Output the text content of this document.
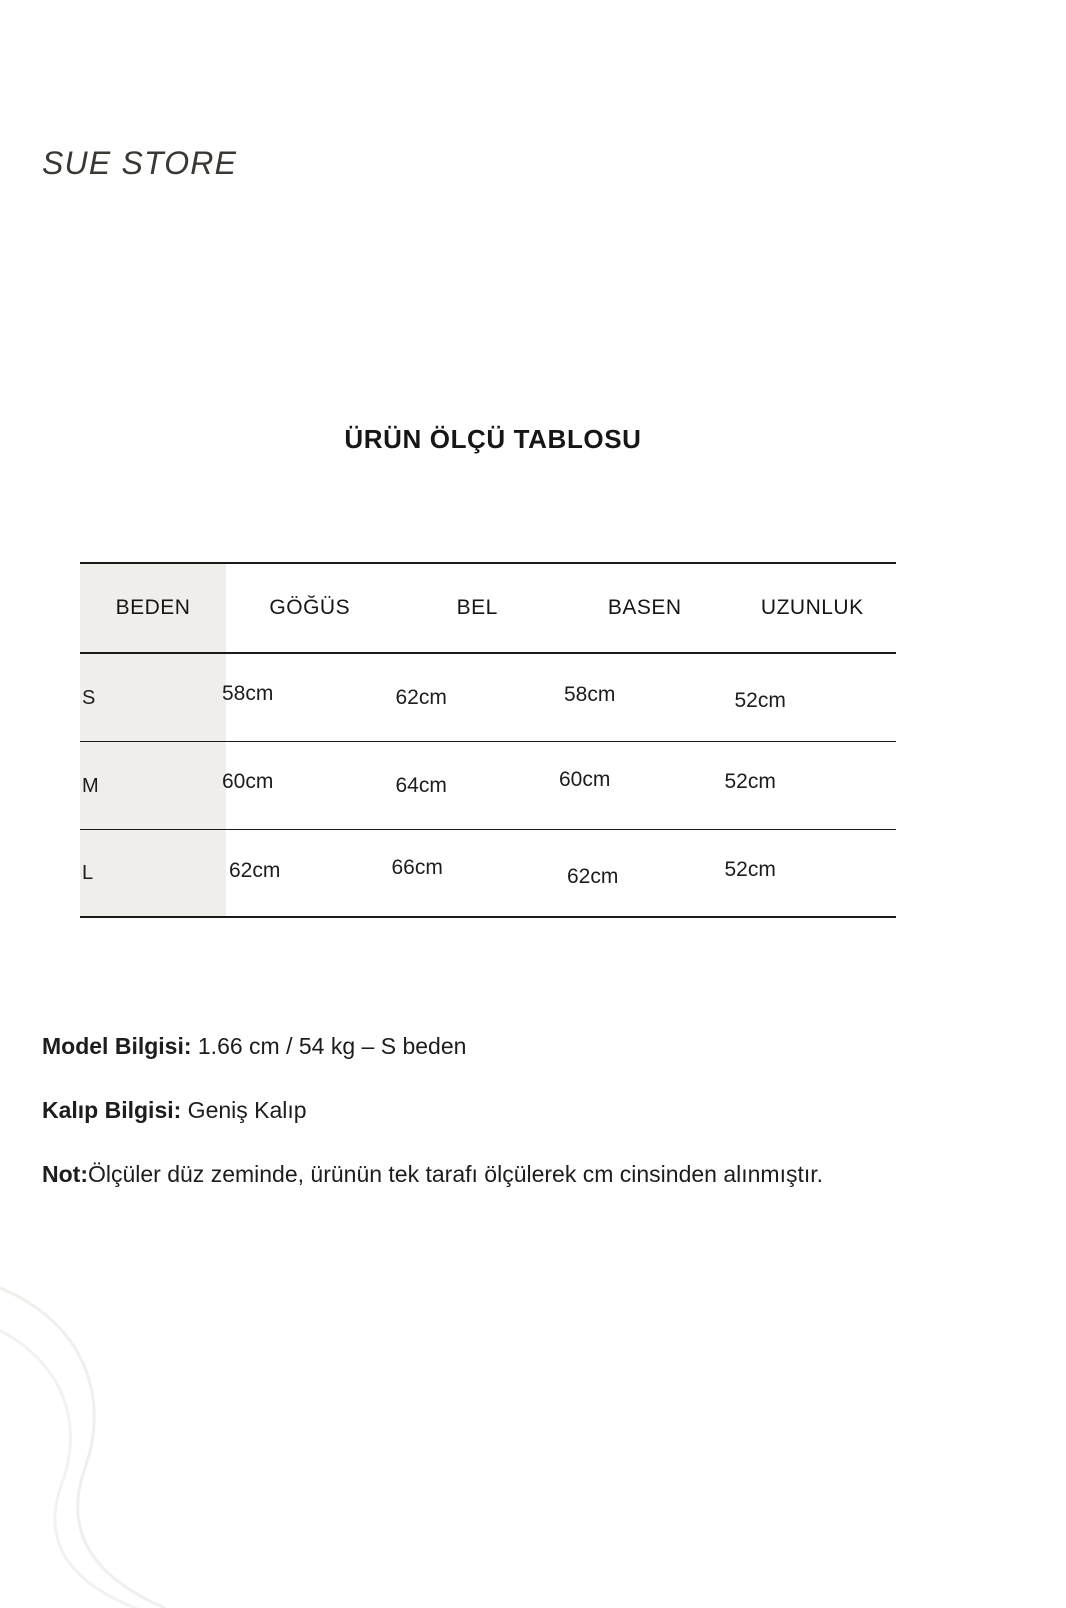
SUE STORE
ÜRÜN ÖLÇÜ TABLOSU
BEDEN	GÖĞÜS	BEL	BASEN	UZUNLUK

S	58cm	62cm	58cm	52cm

M	60cm	64cm	60cm	52cm

L	62cm	66cm	62cm	52cm

Model Bilgisi: 1.66 cm / 54 kg – S beden

Kalıp Bilgisi: Geniş Kalıp

Not:Ölçüler düz zeminde, ürünün tek tarafı ölçülerek cm cinsinden alınmıştır.
